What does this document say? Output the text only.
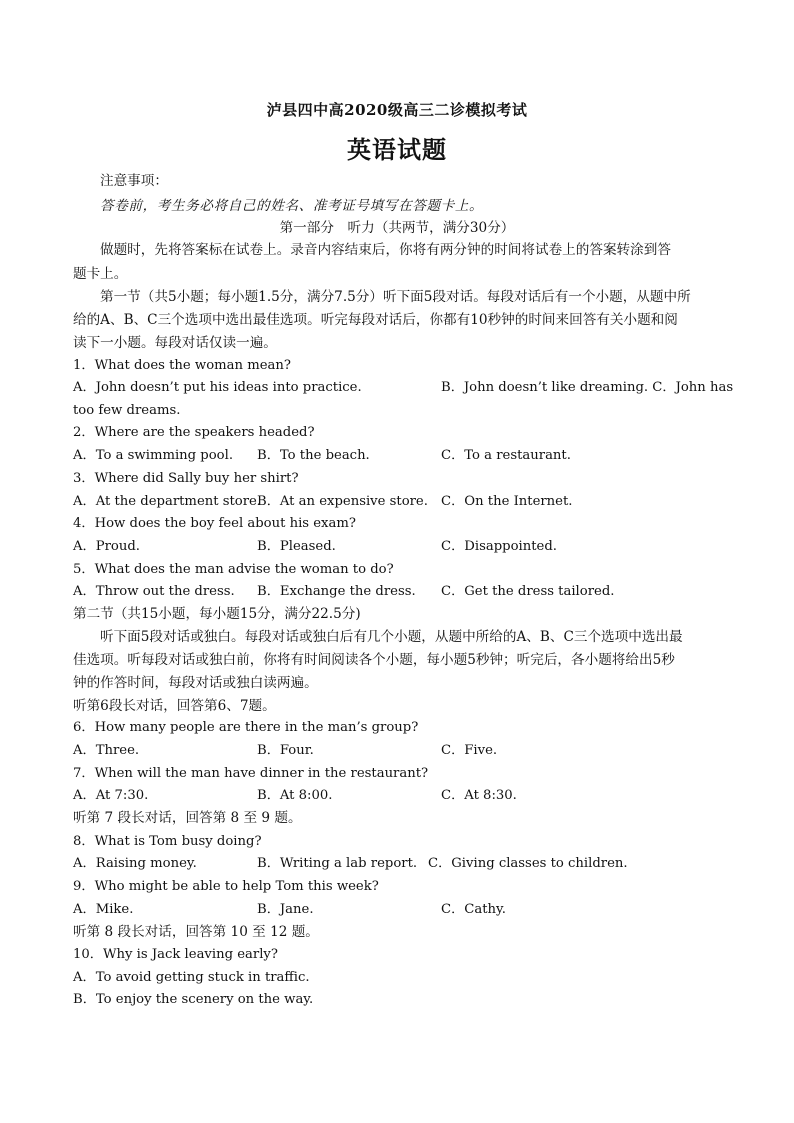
泸县四中高2020级高三二诊模拟考试
英语试题
注意事项：
答卷前，考生务必将自己的姓名、准考证号填写在答题卡上。
第一部分　听力（共两节，满分30分）
做题时，先将答案标在试卷上。录音内容结束后，你将有两分钟的时间将试卷上的答案转涂到答
题卡上。
第一节（共5小题；每小题1.5分，满分7.5分）听下面5段对话。每段对话后有一个小题，从题中所
给的A、B、C三个选项中选出最佳选项。听完每段对话后，你都有10秒钟的时间来回答有关小题和阅
读下一小题。每段对话仅读一遍。
1．What does the woman mean?
A．John doesn’t put his ideas into practice.	B．John doesn’t like dreaming. C．John has
too few dreams.
2．Where are the speakers headed?
A．To a swimming pool. B．To the beach.	C．To a restaurant.
3．Where did Sally buy her shirt?
A．At the department store.
B．At an expensive store. C．On the Internet.
4．How does the boy feel about his exam?
A．Proud.	B．Pleased.	C．Disappointed.
5．What does the man advise the woman to do?
A．Throw out the dress. B．Exchange the dress. C．Get the dress tailored.
第二节（共15小题，每小题15分，满分22.5分)
听下面5段对话或独白。每段对话或独白后有几个小题，从题中所给的A、B、C三个选项中选出最
佳选项。听每段对话或独白前，你将有时间阅读各个小题，每小题5秒钟；听完后，各小题将给出5秒
钟的作答时间，每段对话或独白读两遍。
听第6段长对话，回答第6、7题。
6．How many people are there in the man’s group?
A．Three.	B．Four.	C．Five.
7．When will the man have dinner in the restaurant?
A．At 7:30.	B．At 8:00.	C．At 8:30.
听第 7 段长对话，回答第 8 至 9 题。
8．What is Tom busy doing?
A．Raising money.	B．Writing a lab report. C．Giving classes to children.
9．Who might be able to help Tom this week?
A．Mike.	B．Jane.	C．Cathy.
听第 8 段长对话，回答第 10 至 12 题。
10．Why is Jack leaving early?
A．To avoid getting stuck in traffic.
B．To enjoy the scenery on the way.
